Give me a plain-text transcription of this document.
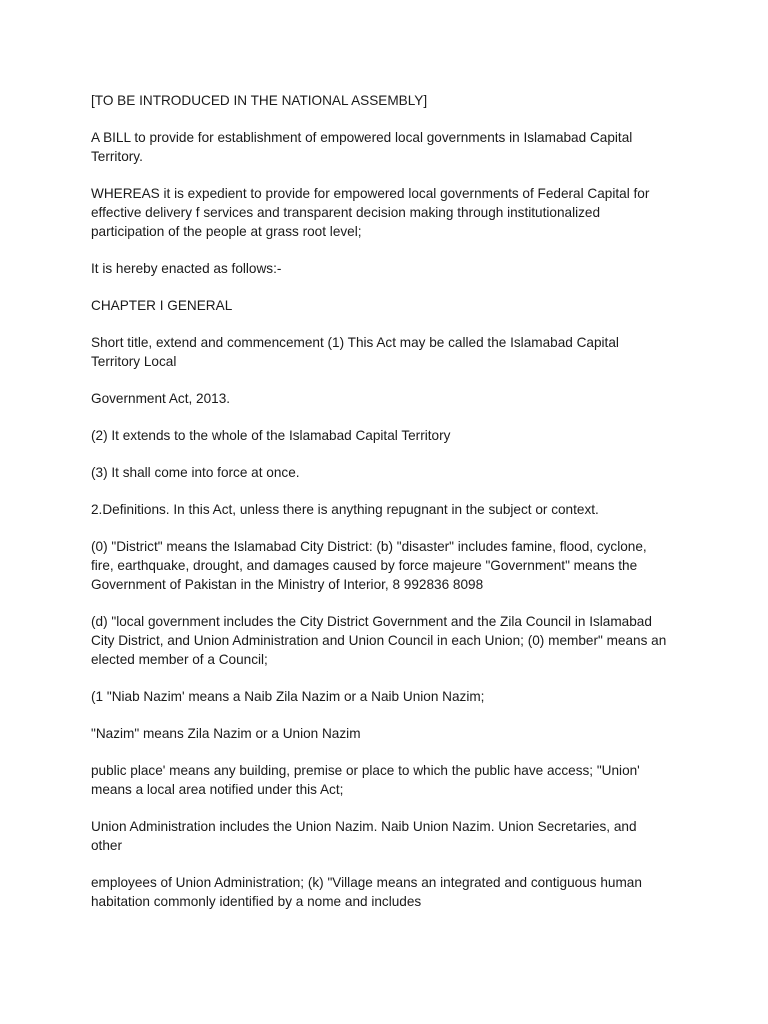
[TO BE INTRODUCED IN THE NATIONAL ASSEMBLY]

A BILL to provide for establishment of empowered local governments in Islamabad Capital
Territory.

WHEREAS it is expedient to provide for empowered local governments of Federal Capital for
effective delivery f services and transparent decision making through institutionalized
participation of the people at grass root level;

It is hereby enacted as follows:-

CHAPTER I GENERAL

Short title, extend and commencement (1) This Act may be called the Islamabad Capital
Territory Local

Government Act, 2013.

(2) It extends to the whole of the Islamabad Capital Territory

(3) It shall come into force at once.

2.Definitions. In this Act, unless there is anything repugnant in the subject or context.

(0) "District" means the Islamabad City District: (b) "disaster" includes famine, flood, cyclone,
fire, earthquake, drought, and damages caused by force majeure "Government" means the
Government of Pakistan in the Ministry of Interior, 8 992836 8098

(d) "local government includes the City District Government and the Zila Council in Islamabad
City District, and Union Administration and Union Council in each Union; (0) member" means an
elected member of a Council;

(1 "Niab Nazim' means a Naib Zila Nazim or a Naib Union Nazim;

"Nazim" means Zila Nazim or a Union Nazim

public place' means any building, premise or place to which the public have access; "Union'
means a local area notified under this Act;

Union Administration includes the Union Nazim. Naib Union Nazim. Union Secretaries, and
other

employees of Union Administration; (k) "Village means an integrated and contiguous human
habitation commonly identified by a nome and includes
